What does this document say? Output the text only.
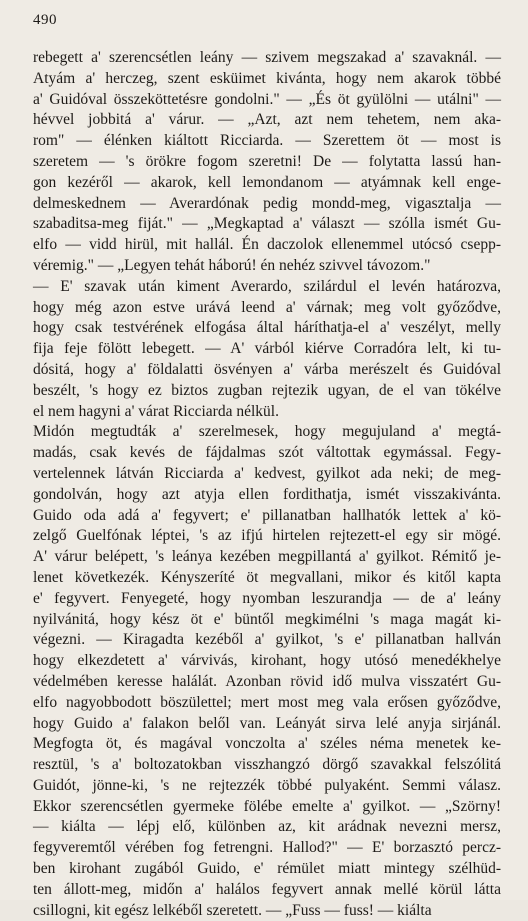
490
rebegett a' szerencsétlen leány — szivem megszakad a' szavaknál. —
Atyám a' herczeg, szent esküimet kivánta, hogy nem akarok többé
a' Guidóval összeköttetésre gondolni." — „És öt gyülölni — utálni" —
hévvel jobbitá a' várur. — „Azt, azt nem tehetem, nem aka-
rom" — élénken kiáltott Ricciarda. — Szerettem öt — most is
szeretem — 's örökre fogom szeretni! De — folytatta lassú han-
gon kezéről — akarok, kell lemondanom — atyámnak kell enge-
delmeskednem — Averardónak pedig mondd-meg, vigasztalja —
szabaditsa-meg fiját." — „Megkaptad a' választ — szólla ismét Gu-
elfo — vidd hirül, mit hallál. Én daczolok ellenemmel utócsó csepp-
véremig." — „Legyen tehát háború! én nehéz szivvel távozom."
— E' szavak után kiment Averardo, szilárdul el levén határozva,
hogy még azon estve urává leend a' várnak; meg volt győződve,
hogy csak testvérének elfogása által háríthatja-el a' veszélyt, melly
fija feje fölött lebegett. — A' várból kiérve Corradóra lelt, ki tu-
dósitá, hogy a' földalatti ösvényen a' várba merészelt és Guidóval
beszélt, 's hogy ez biztos zugban rejtezik ugyan, de el van tökélve
el nem hagyni a' várat Ricciarda nélkül.
Midón megtudták a' szerelmesek, hogy megujuland a' megtá-
madás, csak kevés de fájdalmas szót váltottak egymással. Fegy-
vertelennek látván Ricciarda a' kedvest, gyilkot ada neki; de meg-
gondolván, hogy azt atyja ellen fordithatja, ismét visszakivánta.
Guido oda adá a' fegyvert; e' pillanatban hallhatók lettek a' kö-
zelgő Guelfónak léptei, 's az ifjú hirtelen rejtezett-el egy sir mögé.
A' várur belépett, 's leánya kezében megpillantá a' gyilkot. Rémitő je-
lenet következék. Kényszeríté öt megvallani, mikor és kitől kapta
e' fegyvert. Fenyegeté, hogy nyomban leszurandja — de a' leány
nyilvánitá, hogy kész öt e' büntől megkimélni 's maga magát ki-
végezni. — Kiragadta kezéből a' gyilkot, 's e' pillanatban hallván
hogy elkezdetett a' várvivás, kirohant, hogy utósó menedékhelye
védelmében keresse halálát. Azonban rövid idő mulva visszatért Gu-
elfo nagyobbodott böszülettel; mert most meg vala erősen győződve,
hogy Guido a' falakon belől van. Leányát sirva lelé anyja sirjánál.
Megfogta öt, és magával vonczolta a' széles néma menetek ke-
resztül, 's a' boltozatokban visszhangzó dörgő szavakkal felszólitá
Guidót, jönne-ki, 's ne rejtezzék többé pulyaként. Semmi válasz.
Ekkor szerencsétlen gyermeke fölébe emelte a' gyilkot. — „Szörny!
— kiálta — lépj elő, különben az, kit arádnak nevezni mersz,
fegyveremtől vérében fog fetrengni. Hallod?" — E' borzasztó percz-
ben kirohant zugából Guido, e' rémület miatt mintegy szélhüd-
ten állott-meg, midőn a' halálos fegyvert annak mellé körül látta
csillogni, kit egész lelkéből szeretett. — „Fuss — fuss! — kiálta
